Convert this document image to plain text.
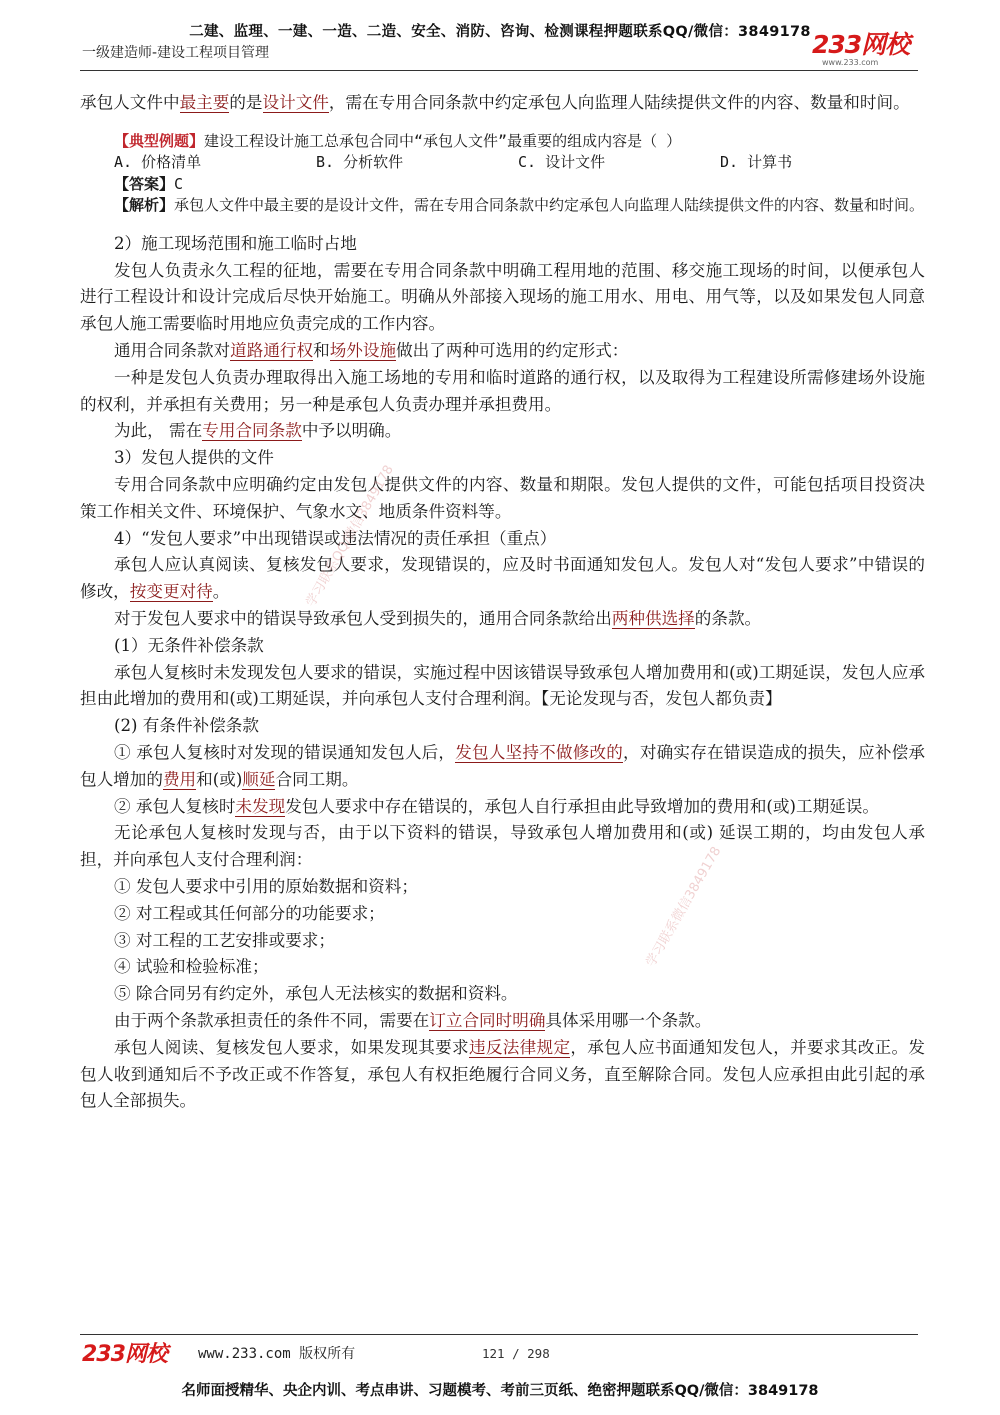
二建、监理、一建、一造、二造、安全、消防、咨询、检测课程押题联系QQ/微信：3849178
一级建造师-建设工程项目管理	233网校
www.233.com

承包人文件中最主要的是设计文件，需在专用合同条款中约定承包人向监理人陆续提供文件的内容、数量和时间。

【典型例题】建设工程设计施工总承包合同中“承包人文件”最重要的组成内容是（ ）
A. 价格清单	B. 分析软件	C. 设计文件	D. 计算书
【答案】C
【解析】承包人文件中最主要的是设计文件，需在专用合同条款中约定承包人向监理人陆续提供文件的内容、数量和时间。

2）施工现场范围和施工临时占地

发包人负责永久工程的征地，需要在专用合同条款中明确工程用地的范围、移交施工现场的时间，以便承包人进行工程设计和设计完成后尽快开始施工。明确从外部接入现场的施工用水、用电、用气等，以及如果发包人同意承包人施工需要临时用地应负责完成的工作内容。

通用合同条款对道路通行权和场外设施做出了两种可选用的约定形式：

一种是发包人负责办理取得出入施工场地的专用和临时道路的通行权，以及取得为工程建设所需修建场外设施的权利，并承担有关费用；另一种是承包人负责办理并承担费用。

为此， 需在专用合同条款中予以明确。

3）发包人提供的文件

专用合同条款中应明确约定由发包人提供文件的内容、数量和期限。发包人提供的文件，可能包括项目投资决策工作相关文件、环境保护、气象水文、地质条件资料等。

4）“发包人要求”中出现错误或违法情况的责任承担（重点）

承包人应认真阅读、复核发包人要求，发现错误的，应及时书面通知发包人。发包人对“发包人要求”中错误的修改，按变更对待。

对于发包人要求中的错误导致承包人受到损失的，通用合同条款给出两种供选择的条款。

(1）无条件补偿条款

承包人复核时未发现发包人要求的错误，实施过程中因该错误导致承包人增加费用和(或)工期延误，发包人应承担由此增加的费用和(或)工期延误，并向承包人支付合理利润。【无论发现与否，发包人都负责】

(2) 有条件补偿条款

① 承包人复核时对发现的错误通知发包人后，发包人坚持不做修改的，对确实存在错误造成的损失，应补偿承包人增加的费用和(或)顺延合同工期。

② 承包人复核时未发现发包人要求中存在错误的，承包人自行承担由此导致增加的费用和(或)工期延误。

无论承包人复核时发现与否，由于以下资料的错误，导致承包人增加费用和(或) 延误工期的，均由发包人承担，并向承包人支付合理利润：

① 发包人要求中引用的原始数据和资料；

② 对工程或其任何部分的功能要求；

③ 对工程的工艺安排或要求；

④ 试验和检验标准；

⑤ 除合同另有约定外，承包人无法核实的数据和资料。

由于两个条款承担责任的条件不同，需要在订立合同时明确具体采用哪一个条款。

承包人阅读、复核发包人要求，如果发现其要求违反法律规定，承包人应书面通知发包人，并要求其改正。发包人收到通知后不予改正或不作答复，承包人有权拒绝履行合同义务，直至解除合同。发包人应承担由此引起的承包人全部损失。

学习联系QQ/微信3849178
学习联系微信3849178
233网校 www.233.com 版权所有	121 / 298
名师面授精华、央企内训、考点串讲、习题模考、考前三页纸、绝密押题联系QQ/微信：3849178
